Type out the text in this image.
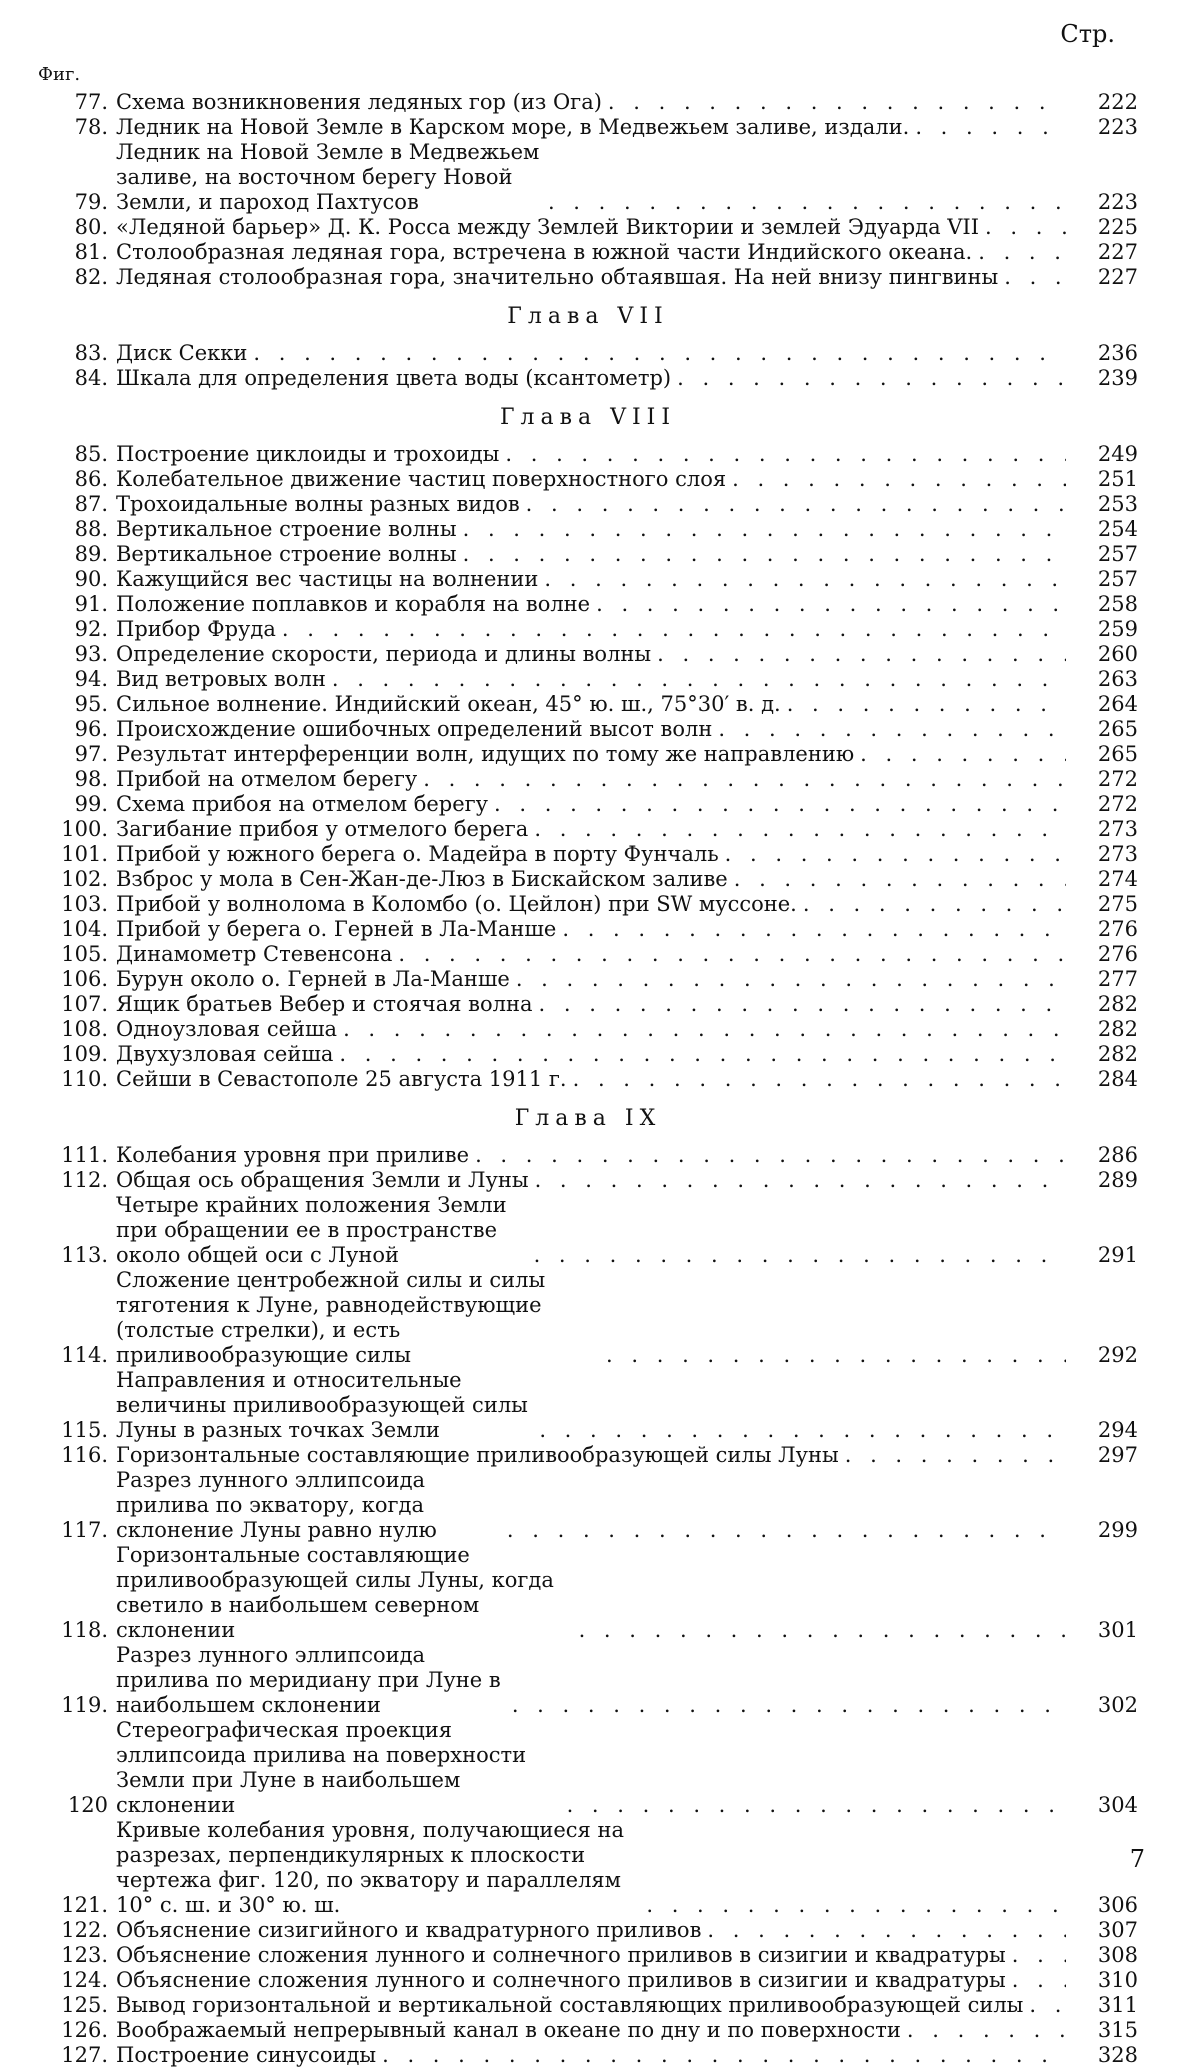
Стр.
Фиг.
77. Схема возникновения ледяных гор (из Ога)
. . .	222
78. Ледник на Новой Земле в Карском море, в Медвежьем заливе, издали.
. . .	223
79.
Ледник на Новой Земле в Медвежьем заливе, на восточном берегу Новой Земли, и пароход Пахтусов
. . .	223
80. «Ледяной барьер» Д. К. Росса между Землей Виктории и землей Эдуарда VII
. . .	225
81. Столообразная ледяная гора, встречена в южной части Индийского океана.
. . .	227
82. Ледяная столообразная гора, значительно обтаявшая. На ней внизу пингвины
. . .	227
Глава VII
83. Диск Секки
. . .	236
84. Шкала для определения цвета воды (ксантометр)
. . .	239
Глава VIII
85. Построение циклоиды и трохоиды
. . .	249
86. Колебательное движение частиц поверхностного слоя
. . .	251
87. Трохоидальные волны разных видов
. . .	253
88. Вертикальное строение волны
. . .	254
89. Вертикальное строение волны
. . .	257
90. Кажущийся вес частицы на волнении
. . .	257
91. Положение поплавков и корабля на волне
. . .	258
92. Прибор Фруда
. . .	259
93. Определение скорости, периода и длины волны
. . .	260
94. Вид ветровых волн
. . .	263
95. Сильное волнение. Индийский океан, 45° ю. ш., 75°30′ в. д.
. . .	264
96. Происхождение ошибочных определений высот волн
. . .	265
97. Результат интерференции волн, идущих по тому же направлению
. . .	265
98. Прибой на отмелом берегу
. . .	272
99. Схема прибоя на отмелом берегу
. . .	272
100. Загибание прибоя у отмелого берега
. . .	273
101. Прибой у южного берега о. Мадейра в порту Фунчаль
. . .	273
102. Взброс у мола в Сен-Жан-де-Люз в Бискайском заливе
. . .	274
103. Прибой у волнолома в Коломбо (о. Цейлон) при SW муссоне.
. . .	275
104. Прибой у берега о. Герней в Ла-Манше
. . .	276
105. Динамометр Стевенсона
. . .	276
106. Бурун около о. Герней в Ла-Манше
. . .	277
107. Ящик братьев Вебер и стоячая волна
. . .	282
108. Одноузловая сейша
. . .	282
109. Двухузловая сейша
. . .	282
110. Сейши в Севастополе 25 августа 1911 г.
. . .	284
Глава IX
111. Колебания уровня при приливе
. . .	286
112. Общая ось обращения Земли и Луны
. . .	289
113.
Четыре крайних положения Земли при обращении ее в пространстве около общей оси с Луной
. . .	291
114.
Сложение центробежной силы и силы тяготения к Луне, равнодействующие (толстые стрелки), и есть приливообразующие силы
. . .	292
115.
Направления и относительные величины приливообразующей силы Луны в разных точках Земли
. . .	294
116. Горизонтальные составляющие приливообразующей силы Луны
. . .	297
117.
Разрез лунного эллипсоида прилива по экватору, когда склонение Луны равно нулю
. . .	299
118.
Горизонтальные составляющие приливообразующей силы Луны, когда светило в наибольшем северном склонении
. . .	301
119.
Разрез лунного эллипсоида прилива по меридиану при Луне в наибольшем склонении
. . .	302
120
Стереографическая проекция эллипсоида прилива на поверхности Земли при Луне в наибольшем склонении
. . .	304
121.
Кривые колебания уровня, получающиеся на разрезах, перпендикулярных к плоскости чертежа фиг. 120, по экватору и параллелям 10° с. ш. и 30° ю. ш.
. . .	306
122. Объяснение сизигийного и квадратурного приливов
. . .	307
123. Объяснение сложения лунного и солнечного приливов в сизигии и квадратуры
. . .	308
124. Объяснение сложения лунного и солнечного приливов в сизигии и квадратуры
. . .	310
125. Вывод горизонтальной и вертикальной составляющих приливообразующей силы
. . .	311
126. Воображаемый непрерывный канал в океане по дну и по поверхности
. . .	315
127. Построение синусоиды
. . .	328
7
